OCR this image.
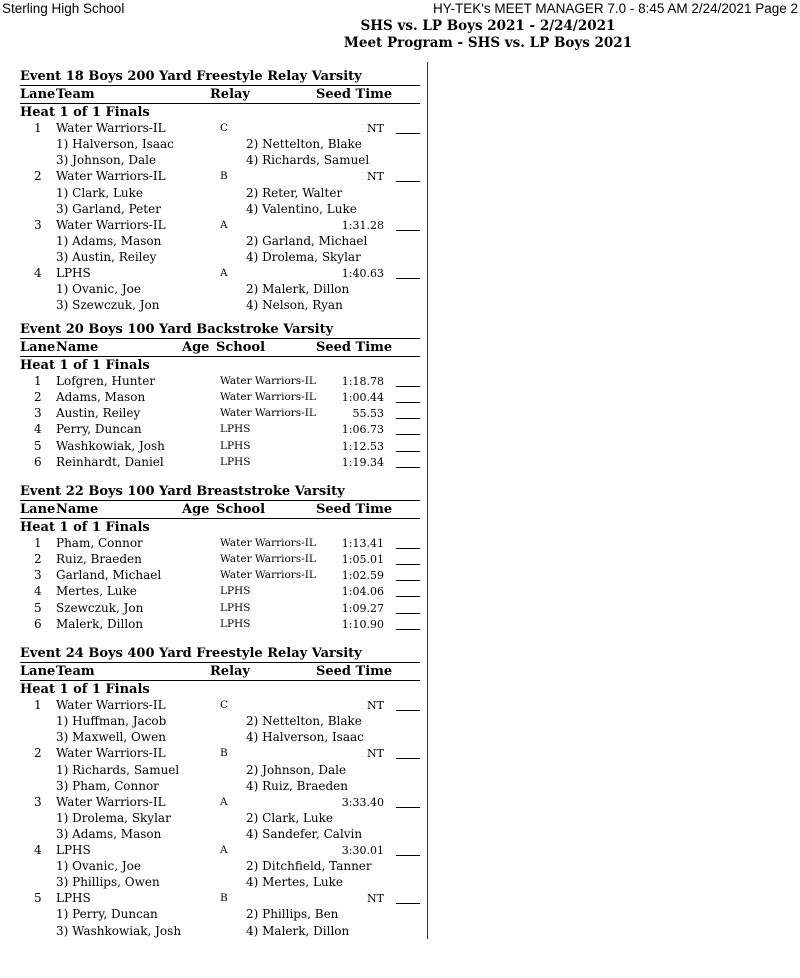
Sterling High School	HY-TEK's MEET MANAGER 7.0 - 8:45 AM 2/24/2021 Page 2
SHS vs. LP Boys 2021 - 2/24/2021
Meet Program - SHS vs. LP Boys 2021
Event 18 Boys 200 Yard Freestyle Relay Varsity
Lane Team	Relay	Seed Time
Heat 1 of 1 Finals
1 Water Warriors-IL	C	NT
1) Halverson, Isaac	2) Nettelton, Blake
3) Johnson, Dale	4) Richards, Samuel
2 Water Warriors-IL	B	NT
1) Clark, Luke	2) Reter, Walter
3) Garland, Peter	4) Valentino, Luke
3 Water Warriors-IL	A	1:31.28
1) Adams, Mason	2) Garland, Michael
3) Austin, Reiley	4) Drolema, Skylar
4 LPHS	A	1:40.63
1) Ovanic, Joe	2) Malerk, Dillon
3) Szewczuk, Jon	4) Nelson, Ryan
Event 20 Boys 100 Yard Backstroke Varsity
Lane Name	Age School	Seed Time
Heat 1 of 1 Finals
1 Lofgren, Hunter	Water Warriors-IL 1:18.78
2 Adams, Mason	Water Warriors-IL 1:00.44
3 Austin, Reiley	Water Warriors-IL	55.53
4 Perry, Duncan	LPHS	1:06.73
5 Washkowiak, Josh	LPHS	1:12.53
6 Reinhardt, Daniel	LPHS	1:19.34
Event 22 Boys 100 Yard Breaststroke Varsity
Lane Name	Age School	Seed Time
Heat 1 of 1 Finals
1 Pham, Connor	Water Warriors-IL 1:13.41
2 Ruiz, Braeden	Water Warriors-IL 1:05.01
3 Garland, Michael	Water Warriors-IL 1:02.59
4 Mertes, Luke	LPHS	1:04.06
5 Szewczuk, Jon	LPHS	1:09.27
6 Malerk, Dillon	LPHS	1:10.90
Event 24 Boys 400 Yard Freestyle Relay Varsity
Lane Team	Relay	Seed Time
Heat 1 of 1 Finals
1 Water Warriors-IL	C	NT
1) Huffman, Jacob	2) Nettelton, Blake
3) Maxwell, Owen	4) Halverson, Isaac
2 Water Warriors-IL	B	NT
1) Richards, Samuel	2) Johnson, Dale
3) Pham, Connor	4) Ruiz, Braeden
3 Water Warriors-IL	A	3:33.40
1) Drolema, Skylar	2) Clark, Luke
3) Adams, Mason	4) Sandefer, Calvin
4 LPHS	A	3:30.01
1) Ovanic, Joe	2) Ditchfield, Tanner
3) Phillips, Owen	4) Mertes, Luke
5 LPHS	B	NT
1) Perry, Duncan	2) Phillips, Ben
3) Washkowiak, Josh	4) Malerk, Dillon
